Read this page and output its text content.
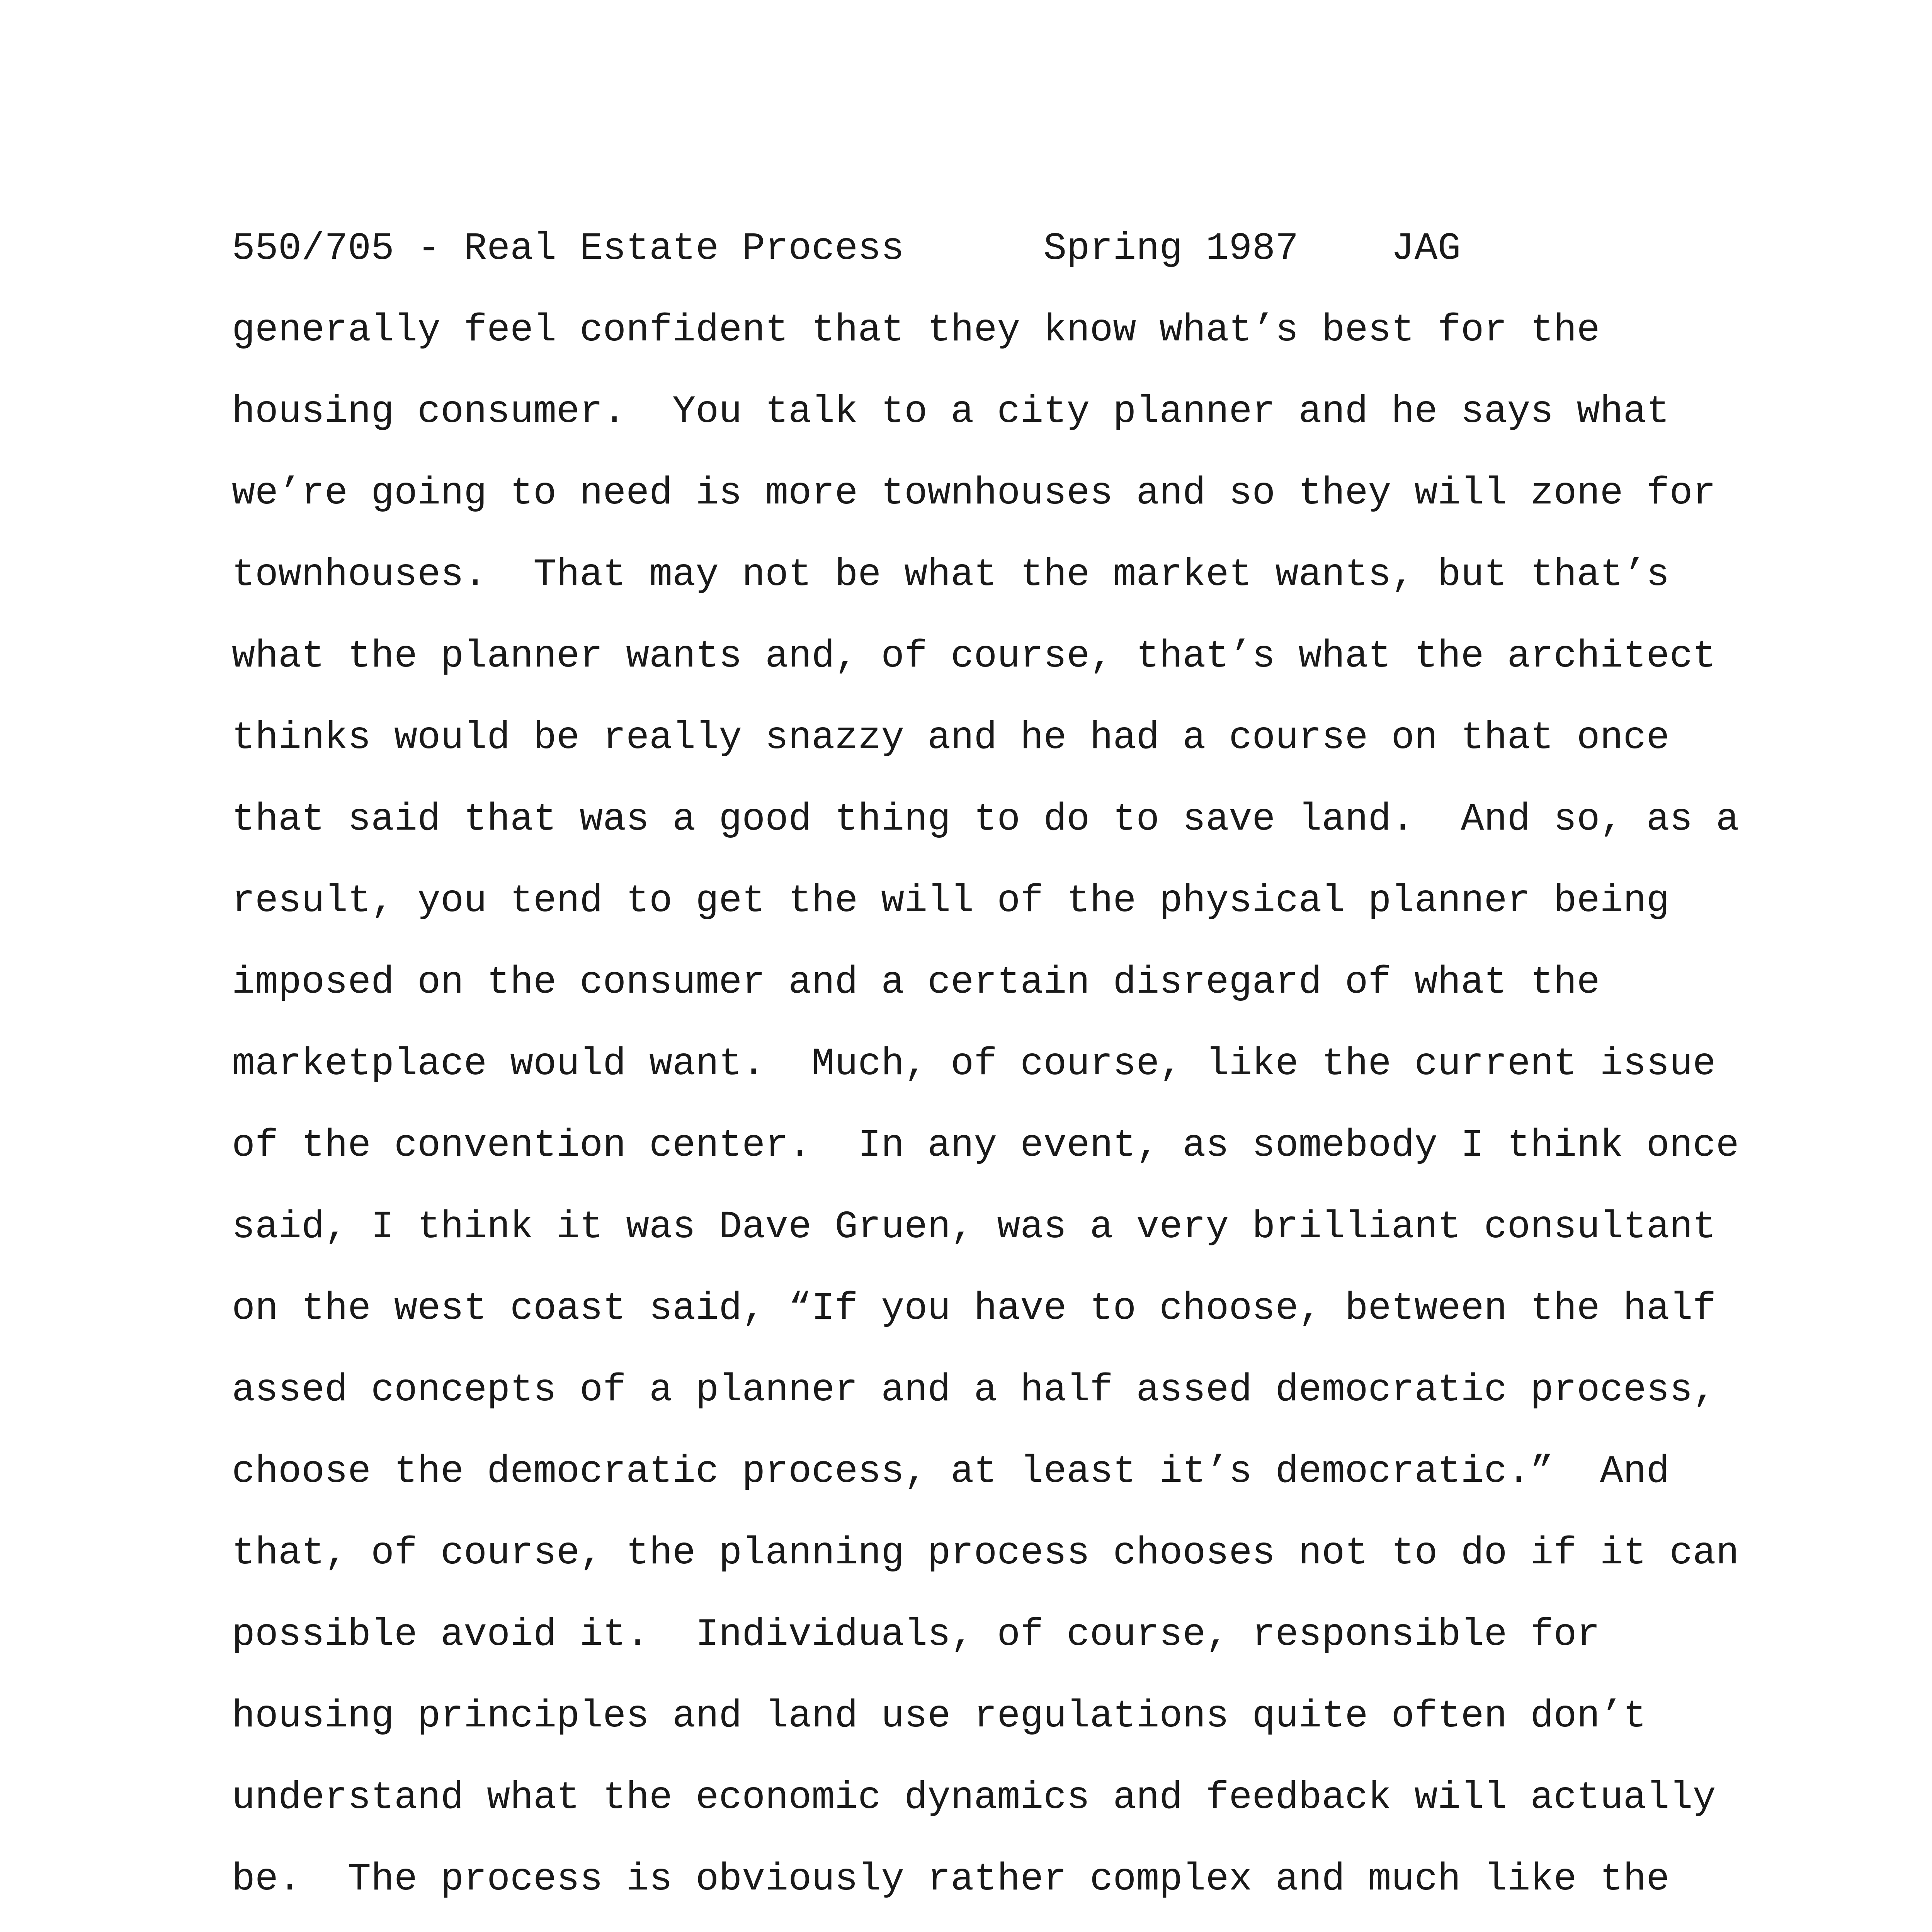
550/705 - Real Estate Process      Spring 1987    JAG
generally feel confident that they know what’s best for the
housing consumer.  You talk to a city planner and he says what
we’re going to need is more townhouses and so they will zone for
townhouses.  That may not be what the market wants, but that’s
what the planner wants and, of course, that’s what the architect
thinks would be really snazzy and he had a course on that once
that said that was a good thing to do to save land.  And so, as a
result, you tend to get the will of the physical planner being
imposed on the consumer and a certain disregard of what the
marketplace would want.  Much, of course, like the current issue
of the convention center.  In any event, as somebody I think once
said, I think it was Dave Gruen, was a very brilliant consultant
on the west coast said, “If you have to choose, between the half
assed concepts of a planner and a half assed democratic process,
choose the democratic process, at least it’s democratic.”  And
that, of course, the planning process chooses not to do if it can
possible avoid it.  Individuals, of course, responsible for
housing principles and land use regulations quite often don’t
understand what the economic dynamics and feedback will actually
be.  The process is obviously rather complex and much like the
